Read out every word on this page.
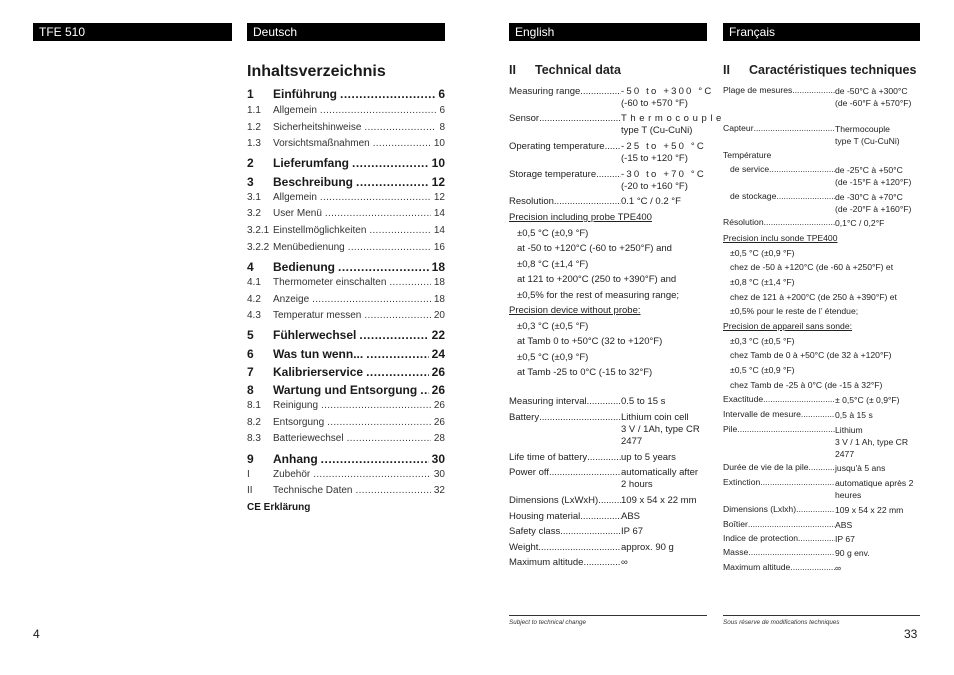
TFE 510	Deutsch	English	Français
Inhaltsverzeichnis
1	Einführung .....	6
1.1	Allgemein .....	6
1.2	Sicherheitshinweise .....	8
1.3	Vorsichtsmaßnahmen .....	10
2	Lieferumfang .....	10
3	Beschreibung .....	12
3.1	Allgemein .....	12
3.2	User Menü .....	14
3.2.1 Einstellmöglichkeiten .....	14
3.2.2 Menübedienung .....	16
4	Bedienung .....	18
4.1	Thermometer einschalten .....	18
4.2	Anzeige .....	18
4.3	Temperatur messen .....	20
5	Fühlerwechsel .....	22
6	Was tun wenn... .....	24
7	Kalibrierservice .....	26
8	Wartung und Entsorgung ..... 26
8.1	Reinigung .....	26
8.2	Entsorgung .....	26
8.3	Batteriewechsel .....	28
9	Anhang .....	30
I	Zubehör .....	30
II	Technische Daten .....	32
CE Erklärung
II Technical data
Measuring range .....	-50 to +300 °C
(-60 to +570 °F)
Sensor .....	Thermocouple
type T (Cu-CuNi)
Operating temperature ..... -25 to +50 °C
(-15 to +120 °F)
Storage temperature .....	-30 to +70 °C
(-20 to +160 °F)
Resolution .....	0.1 °C / 0.2 °F
Precision including probe TPE400
±0,5 °C (±0,9 °F)
at -50 to +120°C (-60 to +250°F) and
±0,8 °C (±1,4 °F)
at 121 to +200°C (250 to +390°F) and
±0,5% for the rest of measuring range;
Precision device without probe:
±0,3 °C (±0,5 °F)
at Tamb 0 to +50°C (32 to +120°F)
±0,5 °C (±0,9 °F)
at Tamb -25 to 0°C (-15 to 32°F)
Measuring interval .....	0.5 to 15 s
Battery .....	Lithium coin cell
3 V / 1Ah, type CR
2477
Life time of battery .....	up to 5 years
Power off .....	automatically after
2 hours
Dimensions (LxWxH) ..... 109 x 54 x 22 mm
Housing material .....	ABS
Safety class .....	IP 67
Weight .....	approx. 90 g
Maximum altitude .....	∞
II Caractéristiques techniques
Plage de mesures .....	de -50°C à +300°C
(de -60°F à +570°F)
Capteur .....	Thermocouple
type T (Cu-CuNi)
Température
de service .....	de -25°C à +50°C
(de -15°F à +120°F)
de stockage .....	de -30°C à +70°C
(de -20°F à +160°F)
Résolution .....	0,1°C / 0,2°F
Precision inclu sonde TPE400
±0,5 °C (±0,9 °F)
chez de -50 à +120°C (de -60 à +250°F) et
±0,8 °C (±1,4 °F)
chez de 121 à +200°C (de 250 à +390°F) et
±0,5% pour le reste de l’ étendue;
Precision de appareil sans sonde:
±0,3 °C (±0,5 °F)
chez Tamb de 0 à +50°C (de 32 à +120°F)
±0,5 °C (±0,9 °F)
chez Tamb de -25 à 0°C (de -15 à 32°F)
Exactitude .....	± 0,5°C (± 0,9°F)
Intervalle de mesure .....	0,5 à 15 s
Pile .....	Lithium
3 V / 1 Ah, type CR
2477
Durée de vie de la pile .....	jusqu'à 5 ans
Extinction .....	automatique après 2
heures
Dimensions (Lxlxh) .....	109 x 54 x 22 mm
Boîtier .....	ABS
Indice de protection .....	IP 67
Masse .....	90 g env.
Maximum altitude .....	∞
Subject to technical change	Sous réserve de modifications techniques
4	33
